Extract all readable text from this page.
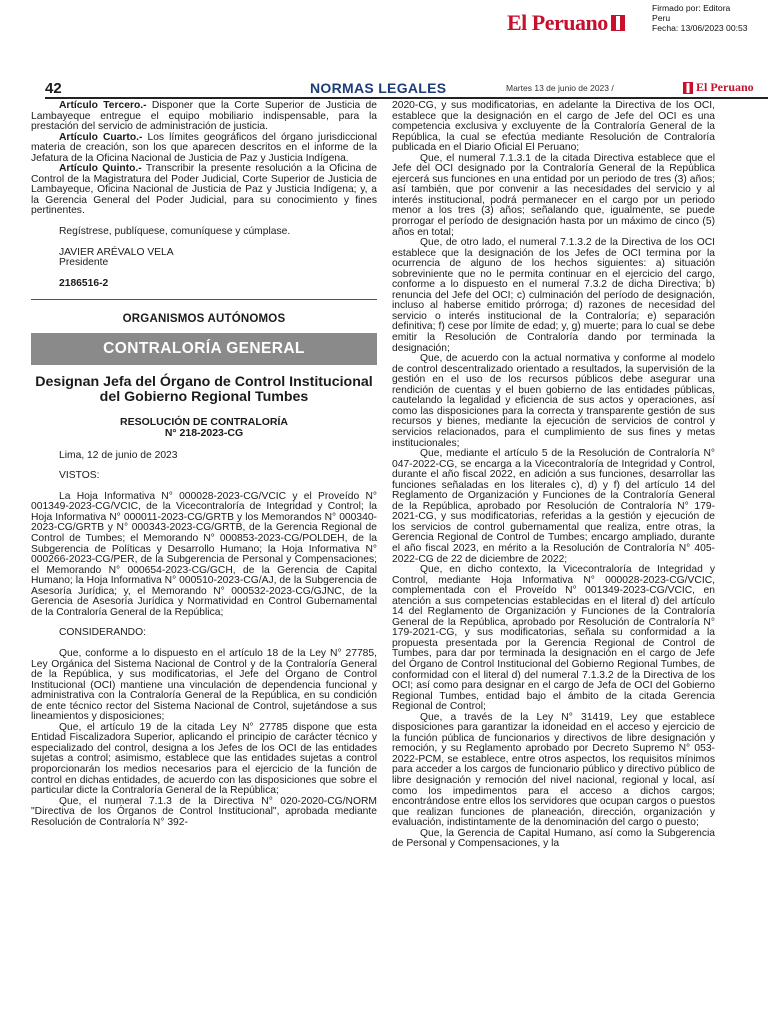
El Peruano
Firmado por: Editora
Peru
Fecha: 13/06/2023 00:53
42	NORMAS LEGALES	Martes 13 de junio de 2023 /	El Peruano

Artículo Tercero.- Disponer que la Corte Superior de Justicia de Lambayeque entregue el equipo mobiliario indispensable, para la prestación del servicio de administración de justicia.

Artículo Cuarto.- Los límites geográficos del órgano jurisdiccional materia de creación, son los que aparecen descritos en el informe de la Jefatura de la Oficina Nacional de Justicia de Paz y Justicia Indígena.

Artículo Quinto.- Transcribir la presente resolución a la Oficina de Control de la Magistratura del Poder Judicial, Corte Superior de Justicia de Lambayeque, Oficina Nacional de Justicia de Paz y Justicia Indígena; y, a la Gerencia General del Poder Judicial, para su conocimiento y fines pertinentes.

Regístrese, publíquese, comuníquese y cúmplase.

JAVIER ARÉVALO VELA

Presidente

2186516-2

ORGANISMOS AUTÓNOMOS
CONTRALORÍA GENERAL
Designan Jefa del Órgano de Control Institucional del Gobierno Regional Tumbes
RESOLUCIÓN DE CONTRALORÍA
N° 218-2023-CG

Lima, 12 de junio de 2023

VISTOS:

La Hoja Informativa N° 000028-2023-CG/VCIC y el Proveído N° 001349-2023-CG/VCIC, de la Vicecontraloría de Integridad y Control; la Hoja Informativa N° 000011-2023-CG/GRTB y los Memorandos N° 000340-2023-CG/GRTB y N° 000343-2023-CG/GRTB, de la Gerencia Regional de Control de Tumbes; el Memorando N° 000853-2023-CG/POLDEH, de la Subgerencia de Políticas y Desarrollo Humano; la Hoja Informativa N° 000266-2023-CG/PER, de la Subgerencia de Personal y Compensaciones; el Memorando N° 000654-2023-CG/GCH, de la Gerencia de Capital Humano; la Hoja Informativa N° 000510-2023-CG/AJ, de la Subgerencia de Asesoría Jurídica; y, el Memorando N° 000532-2023-CG/GJNC, de la Gerencia de Asesoría Jurídica y Normatividad en Control Gubernamental de la Contraloría General de la República;

CONSIDERANDO:

Que, conforme a lo dispuesto en el artículo 18 de la Ley N° 27785, Ley Orgánica del Sistema Nacional de Control y de la Contraloría General de la República, y sus modificatorias, el Jefe del Órgano de Control Institucional (OCI) mantiene una vinculación de dependencia funcional y administrativa con la Contraloría General de la República, en su condición de ente técnico rector del Sistema Nacional de Control, sujetándose a sus lineamientos y disposiciones;

Que, el artículo 19 de la citada Ley N° 27785 dispone que esta Entidad Fiscalizadora Superior, aplicando el principio de carácter técnico y especializado del control, designa a los Jefes de los OCI de las entidades sujetas a control; asimismo, establece que las entidades sujetas a control proporcionarán los medios necesarios para el ejercicio de la función de control en dichas entidades, de acuerdo con las disposiciones que sobre el particular dicte la Contraloría General de la República;

Que, el numeral 7.1.3 de la Directiva N° 020-2020-CG/NORM "Directiva de los Órganos de Control Institucional", aprobada mediante Resolución de Contraloría N° 392-

2020-CG, y sus modificatorias, en adelante la Directiva de los OCI, establece que la designación en el cargo de Jefe del OCI es una competencia exclusiva y excluyente de la Contraloría General de la República, la cual se efectúa mediante Resolución de Contraloría publicada en el Diario Oficial El Peruano;

Que, el numeral 7.1.3.1 de la citada Directiva establece que el Jefe del OCI designado por la Contraloría General de la República ejercerá sus funciones en una entidad por un periodo de tres (3) años; así también, que por convenir a las necesidades del servicio y al interés institucional, podrá permanecer en el cargo por un periodo menor a los tres (3) años; señalando que, igualmente, se puede prorrogar el período de designación hasta por un máximo de cinco (5) años en total;

Que, de otro lado, el numeral 7.1.3.2 de la Directiva de los OCI establece que la designación de los Jefes de OCI termina por la ocurrencia de alguno de los hechos siguientes: a) situación sobreviniente que no le permita continuar en el ejercicio del cargo, conforme a lo dispuesto en el numeral 7.3.2 de dicha Directiva; b) renuncia del Jefe del OCI; c) culminación del período de designación, incluso al haberse emitido prórroga; d) razones de necesidad del servicio o interés institucional de la Contraloría; e) separación definitiva; f) cese por límite de edad; y, g) muerte; para lo cual se debe emitir la Resolución de Contraloría dando por terminada la designación;

Que, de acuerdo con la actual normativa y conforme al modelo de control descentralizado orientado a resultados, la supervisión de la gestión en el uso de los recursos públicos debe asegurar una rendición de cuentas y el buen gobierno de las entidades públicas, cautelando la legalidad y eficiencia de sus actos y operaciones, así como las disposiciones para la correcta y transparente gestión de sus recursos y bienes, mediante la ejecución de servicios de control y servicios relacionados, para el cumplimiento de sus fines y metas institucionales;

Que, mediante el artículo 5 de la Resolución de Contraloría N° 047-2022-CG, se encarga a la Vicecontraloría de Integridad y Control, durante el año fiscal 2022, en adición a sus funciones, desarrollar las funciones señaladas en los literales c), d) y f) del artículo 14 del Reglamento de Organización y Funciones de la Contraloría General de la República, aprobado por Resolución de Contraloría N° 179-2021-CG, y sus modificatorias, referidas a la gestión y ejecución de los servicios de control gubernamental que realiza, entre otras, la Gerencia Regional de Control de Tumbes; encargo ampliado, durante el año fiscal 2023, en mérito a la Resolución de Contraloría N° 405-2022-CG de 22 de diciembre de 2022;

Que, en dicho contexto, la Vicecontraloría de Integridad y Control, mediante Hoja Informativa N° 000028-2023-CG/VCIC, complementada con el Proveído N° 001349-2023-CG/VCIC, en atención a sus competencias establecidas en el literal d) del artículo 14 del Reglamento de Organización y Funciones de la Contraloría General de la República, aprobado por Resolución de Contraloría N° 179-2021-CG, y sus modificatorias, señala su conformidad a la propuesta presentada por la Gerencia Regional de Control de Tumbes, para dar por terminada la designación en el cargo de Jefe del Órgano de Control Institucional del Gobierno Regional Tumbes, de conformidad con el literal d) del numeral 7.1.3.2 de la Directiva de los OCI; así como para designar en el cargo de Jefa de OCI del Gobierno Regional Tumbes, entidad bajo el ámbito de la citada Gerencia Regional de Control;

Que, a través de la Ley N° 31419, Ley que establece disposiciones para garantizar la idoneidad en el acceso y ejercicio de la función pública de funcionarios y directivos de libre designación y remoción, y su Reglamento aprobado por Decreto Supremo N° 053-2022-PCM, se establece, entre otros aspectos, los requisitos mínimos para acceder a los cargos de funcionario público y directivo público de libre designación y remoción del nivel nacional, regional y local, así como los impedimentos para el acceso a dichos cargos; encontrándose entre ellos los servidores que ocupan cargos o puestos que realizan funciones de planeación, dirección, organización y evaluación, indistintamente de la denominación del cargo o puesto;

Que, la Gerencia de Capital Humano, así como la Subgerencia de Personal y Compensaciones, y la
